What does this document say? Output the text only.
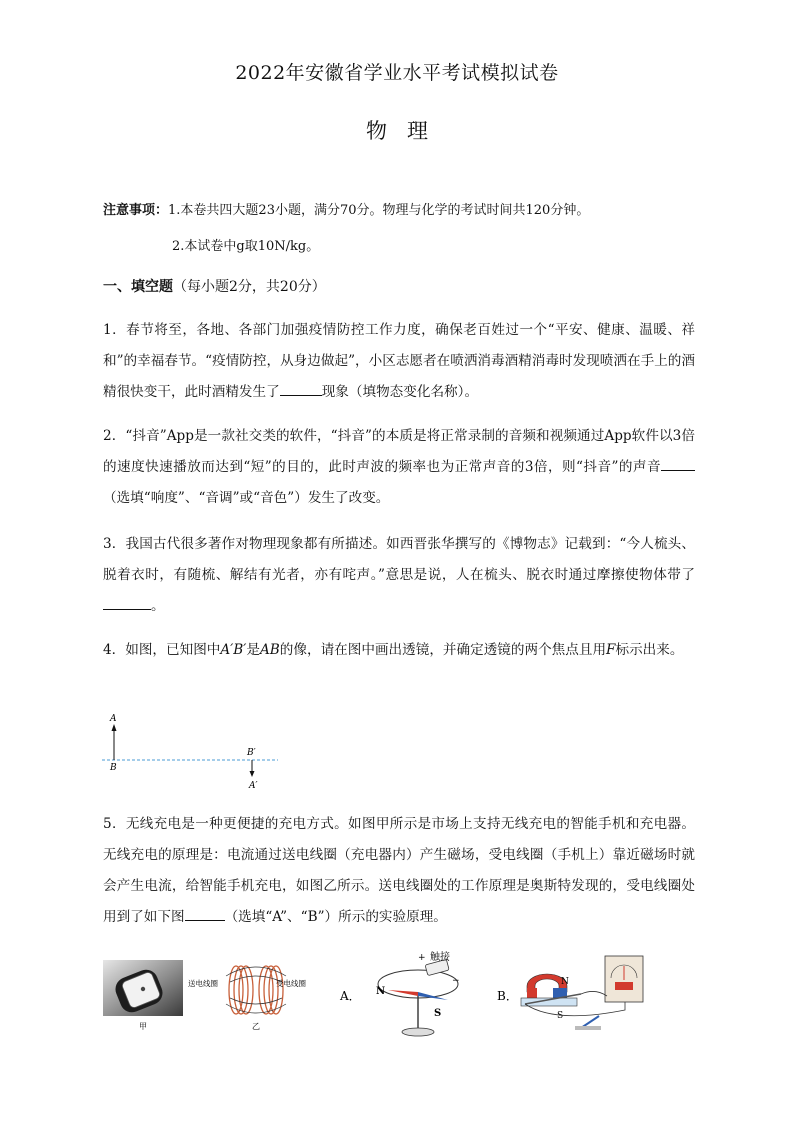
2022年安徽省学业水平考试模拟试卷
物理
注意事项：1.本卷共四大题23小题，满分70分。物理与化学的考试时间共120分钟。
2.本试卷中g取10N/kg。
一、填空题（每小题2分，共20分）
1．春节将至，各地、各部门加强疫情防控工作力度，确保老百姓过一个“平安、健康、温暖、祥和”的幸福春节。“疫情防控，从身边做起”，小区志愿者在喷洒消毒酒精消毒时发现喷洒在手上的酒精很快变干，此时酒精发生了	现象（填物态变化名称）。
2．“抖音”App是一款社交类的软件，“抖音”的本质是将正常录制的音频和视频通过App软件以3倍的速度快速播放而达到“短”的目的，此时声波的频率也为正常声音的3倍，则“抖音”的声音（选填“响度”、“音调”或“音色”）发生了改变。
3．我国古代很多著作对物理现象都有所描述。如西晋张华撰写的《博物志》记载到：“今人梳头、脱着衣时，有随梳、解结有光者，亦有咤声。”意思是说，人在梳头、脱衣时通过摩擦使物体带了。
4．如图，已知图中A′B′是AB的像，请在图中画出透镜，并确定透镜的两个焦点且用F标示出来。
A
B
B′
A′
5．无线充电是一种更便捷的充电方式。如图甲所示是市场上支持无线充电的智能手机和充电器。无线充电的原理是：电流通过送电线圈（充电器内）产生磁场，受电线圈（手机上）靠近磁场时就会产生电流，给智能手机充电，如图乙所示。送电线圈处的工作原理是奥斯特发现的，受电线圈处用到了如下图	（选填“A”、“B”）所示的实验原理。
甲
送电线圈	受电线圈
乙
A．
+
−
触接
N
S
B．
N
S
